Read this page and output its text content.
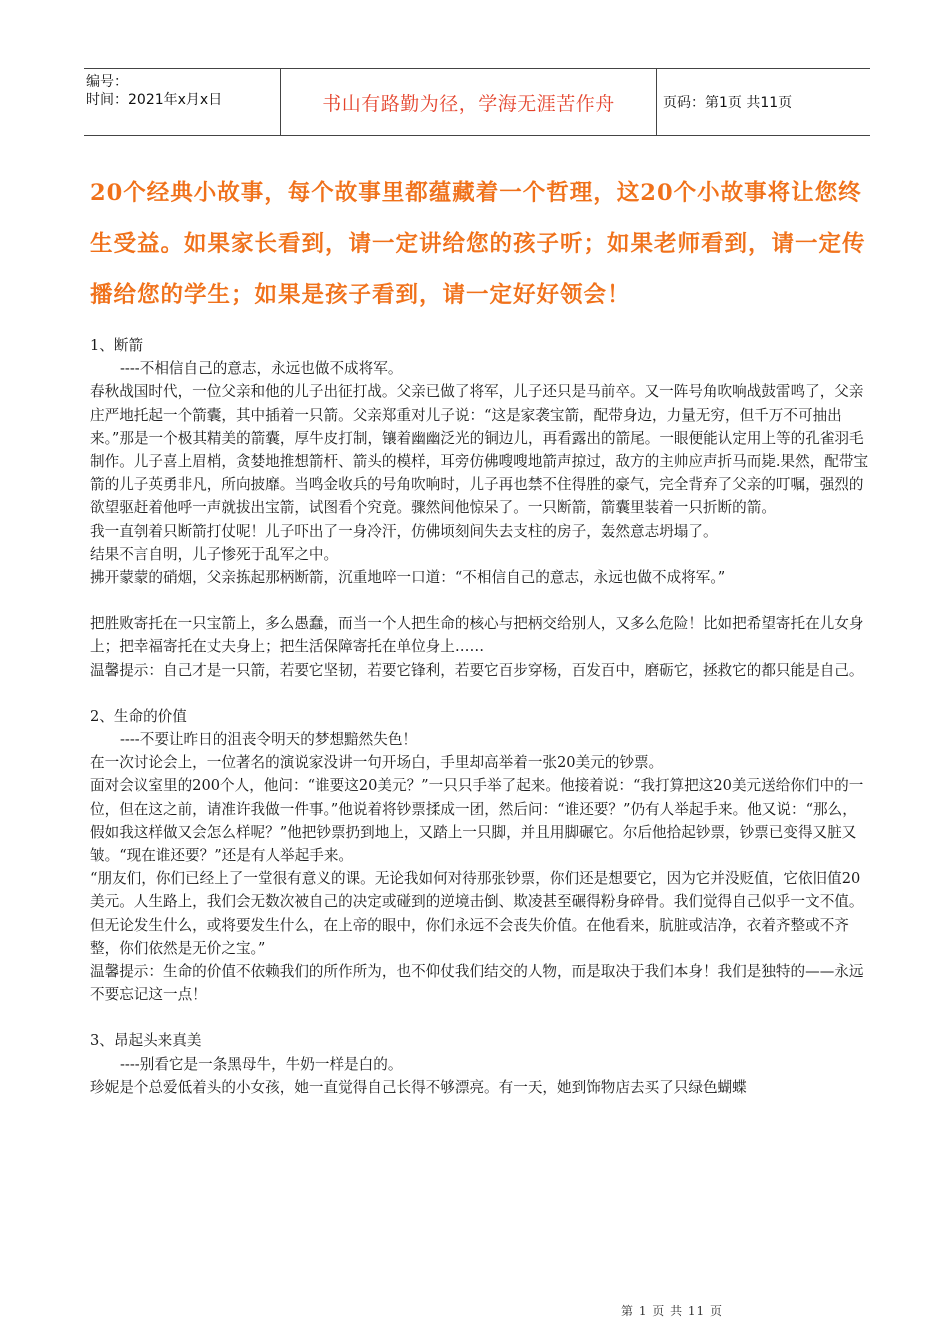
编号：
时间：2021年x月x日	书山有路勤为径，学海无涯苦作舟	页码：第1页 共11页
20个经典小故事，每个故事里都蕴藏着一个哲理，这20个小故事将让您终生受益。如果家长看到，请一定讲给您的孩子听；如果老师看到，请一定传播给您的学生；如果是孩子看到，请一定好好领会！

1、断箭

----不相信自己的意志，永远也做不成将军。

春秋战国时代，一位父亲和他的儿子出征打战。父亲已做了将军，儿子还只是马前卒。又一阵号角吹响战鼓雷鸣了，父亲庄严地托起一个箭囊，其中插着一只箭。父亲郑重对儿子说：“这是家袭宝箭，配带身边，力量无穷，但千万不可抽出来。”那是一个极其精美的箭囊，厚牛皮打制，镶着幽幽泛光的铜边儿，再看露出的箭尾。一眼便能认定用上等的孔雀羽毛制作。儿子喜上眉梢，贪婪地推想箭杆、箭头的模样，耳旁仿佛嗖嗖地箭声掠过，敌方的主帅应声折马而毙.果然，配带宝箭的儿子英勇非凡，所向披靡。当鸣金收兵的号角吹响时，儿子再也禁不住得胜的豪气，完全背弃了父亲的叮嘱，强烈的欲望驱赶着他呼一声就拔出宝箭，试图看个究竟。骤然间他惊呆了。一只断箭，箭囊里装着一只折断的箭。

我一直刳着只断箭打仗呢！儿子吓出了一身冷汗，仿佛顷刻间失去支柱的房子，轰然意志坍塌了。

结果不言自明，儿子惨死于乱军之中。

拂开蒙蒙的硝烟，父亲拣起那柄断箭，沉重地啐一口道：“不相信自己的意志，永远也做不成将军。”

把胜败寄托在一只宝箭上，多么愚蠢，而当一个人把生命的核心与把柄交给别人，又多么危险！比如把希望寄托在儿女身上；把幸福寄托在丈夫身上；把生活保障寄托在单位身上……

温馨提示：自己才是一只箭，若要它坚韧，若要它锋利，若要它百步穿杨，百发百中，磨砺它，拯救它的都只能是自己。

2、生命的价值

----不要让昨日的沮丧令明天的梦想黯然失色！

在一次讨论会上，一位著名的演说家没讲一句开场白，手里却高举着一张20美元的钞票。

面对会议室里的200个人，他问：“谁要这20美元？”一只只手举了起来。他接着说：“我打算把这20美元送给你们中的一位，但在这之前，请准许我做一件事。”他说着将钞票揉成一团，然后问：“谁还要？”仍有人举起手来。他又说：“那么，假如我这样做又会怎么样呢？”他把钞票扔到地上，又踏上一只脚，并且用脚碾它。尔后他拾起钞票，钞票已变得又脏又皱。“现在谁还要？”还是有人举起手来。

“朋友们，你们已经上了一堂很有意义的课。无论我如何对待那张钞票，你们还是想要它，因为它并没贬值，它依旧值20美元。人生路上，我们会无数次被自己的决定或碰到的逆境击倒、欺凌甚至碾得粉身碎骨。我们觉得自己似乎一文不值。但无论发生什么，或将要发生什么，在上帝的眼中，你们永远不会丧失价值。在他看来，肮脏或洁净，衣着齐整或不齐整，你们依然是无价之宝。”

温馨提示：生命的价值不依赖我们的所作所为，也不仰仗我们结交的人物，而是取决于我们本身！我们是独特的——永远不要忘记这一点！

3、昂起头来真美

----别看它是一条黑母牛，牛奶一样是白的。

珍妮是个总爱低着头的小女孩，她一直觉得自己长得不够漂亮。有一天，她到饰物店去买了只绿色蝴蝶

第 1 页 共 11 页
